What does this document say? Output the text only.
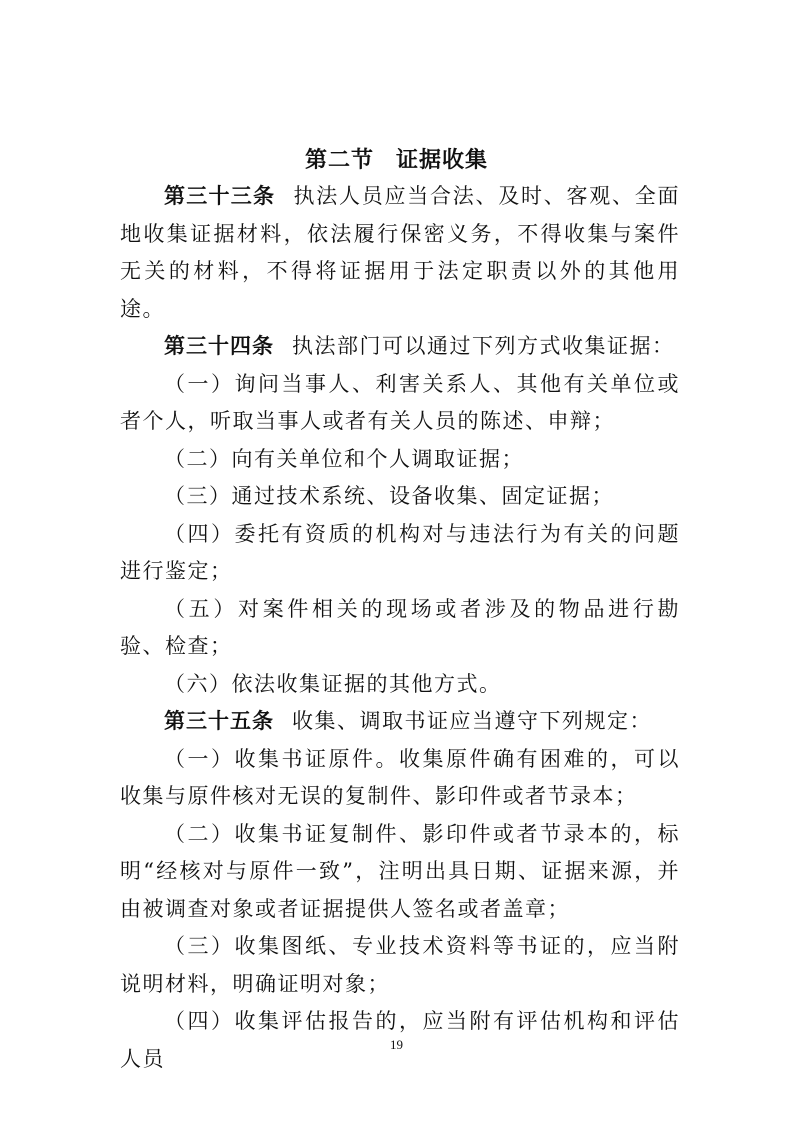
第二节 证据收集

第三十三条 执法人员应当合法、及时、客观、全面地收集证据材料，依法履行保密义务，不得收集与案件无关的材料，不得将证据用于法定职责以外的其他用途。

第三十四条 执法部门可以通过下列方式收集证据：

（一）询问当事人、利害关系人、其他有关单位或者个人，听取当事人或者有关人员的陈述、申辩；

（二）向有关单位和个人调取证据；

（三）通过技术系统、设备收集、固定证据；

（四）委托有资质的机构对与违法行为有关的问题进行鉴定；

（五）对案件相关的现场或者涉及的物品进行勘验、检查；

（六）依法收集证据的其他方式。

第三十五条 收集、调取书证应当遵守下列规定：

（一）收集书证原件。收集原件确有困难的，可以收集与原件核对无误的复制件、影印件或者节录本；

（二）收集书证复制件、影印件或者节录本的，标明“经核对与原件一致”，注明出具日期、证据来源，并由被调查对象或者证据提供人签名或者盖章；

（三）收集图纸、专业技术资料等书证的，应当附说明材料，明确证明对象；

（四）收集评估报告的，应当附有评估机构和评估人员

19
